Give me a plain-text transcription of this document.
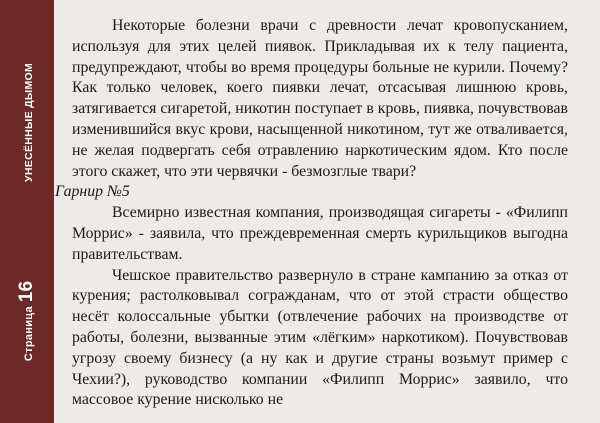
Страница
16
УНЕСЁННЫЕ ДЫМОМ

Некоторые болезни врачи с древности лечат кровопусканием, используя для этих целей пиявок. Прикладывая их к телу пациента, предупреждают, чтобы во время процедуры больные не курили. Почему? Как только человек, коего пиявки лечат, отсасывая лишнюю кровь, затягивается сигаретой, никотин поступает в кровь, пиявка, почувствовав изменившийся вкус крови, насыщенной никотином, тут же отваливается, не желая подвергать себя отравлению наркотическим ядом. Кто после этого скажет, что эти червячки - безмозглые твари?

Гарнир №5

Всемирно известная компания, производящая сигареты - «Филипп Моррис» - заявила, что преждевременная смерть курильщиков выгодна правительствам.

Чешское правительство развернуло в стране кампанию за отказ от курения; растолковывал согражданам, что от этой страсти общество несёт колоссальные убытки (отвлечение рабочих на производстве от работы, болезни, вызванные этим «лёгким» наркотиком). Почувствовав угрозу своему бизнесу (а ну как и другие страны возьмут пример с Чехии?), руководство компании «Филипп Моррис» заявило, что массовое курение нисколько не
